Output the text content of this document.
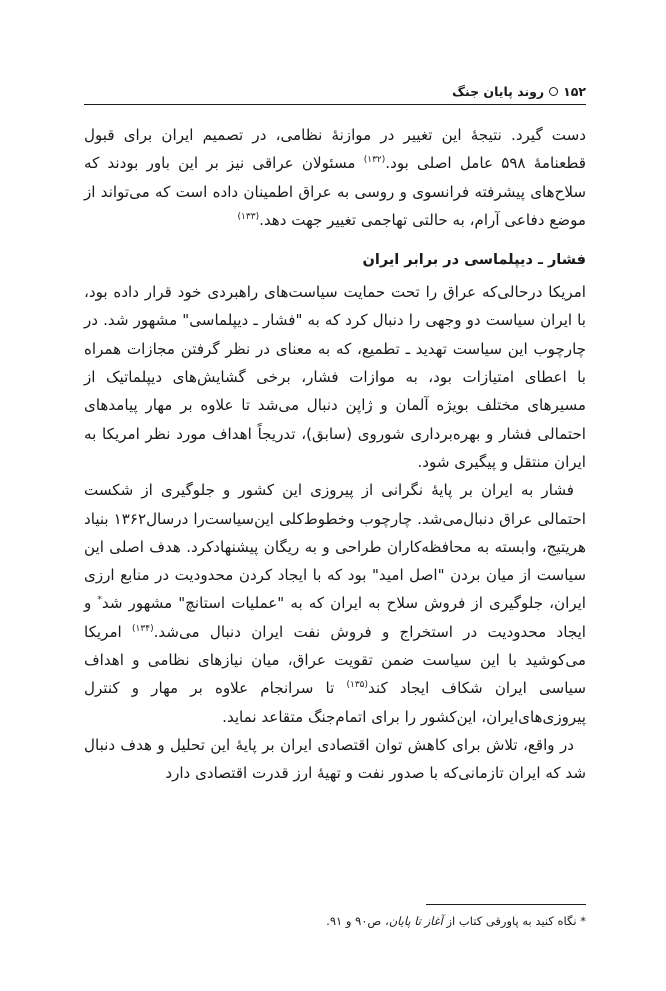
۱۵۲
روند پایان جنگ

دست گیرد. نتیجهٔ این تغییر در موازنهٔ نظامی، در تصمیم ایران برای قبول قطعنامهٔ ۵۹۸ عامل اصلی بود.$^{(۱۳۲)}$ مسئولان عراقی نیز بر این باور بودند که سلاح‌های پیشرفته فرانسوی و روسی به عراق اطمینان داده است که می‌تواند از موضع دفاعی آرام، به حالتی تهاجمی تغییر جهت دهد.$^{(۱۳۳)}$

فشار ـ دیپلماسی در برابر ایران

امریکا درحالی‌که عراق را تحت حمایت سیاست‌های راهبردی خود قرار داده بود، با ایران سیاست دو وجهی را دنبال کرد که به "فشار ـ دیپلماسی" مشهور شد. در چارچوب این سیاست تهدید ـ تطمیع، که به معنای در نظر گرفتن مجازات همراه با اعطای امتیازات بود، به موازات فشار، برخی گشایش‌های دیپلماتیک از مسیرهای مختلف بویژه آلمان و ژاپن دنبال می‌شد تا علاوه بر مهار پیامدهای احتمالی فشار و بهره‌برداری شوروی (سابق)، تدریجاً اهداف مورد نظر امریکا به ایران منتقل و پیگیری شود.

فشار به ایران بر پایهٔ نگرانی از پیروزی این کشور و جلوگیری از شکست احتمالی عراق دنبال‌می‌شد. چارچوب وخطوط‌کلی این‌سیاست‌را درسال۱۳۶۲ بنیاد هریتیج، وابسته به محافظه‌کاران طراحی و به ریگان پیشنهادکرد. هدف اصلی این سیاست از میان بردن "اصل امید" بود که با ایجاد کردن محدودیت در منابع ارزی ایران، جلوگیری از فروش سلاح به ایران که به "عملیات استانچ" مشهور شد* و ایجاد محدودیت در استخراج و فروش نفت ایران دنبال می‌شد.$^{(۱۳۴)}$ امریکا می‌کوشید با این سیاست ضمن تقویت عراق، میان نیازهای نظامی و اهداف سیاسی ایران شکاف ایجاد کند$^{(۱۳۵)}$ تا سرانجام علاوه بر مهار و کنترل پیروزی‌های‌ایران، این‌کشور را برای اتمام‌جنگ متقاعد نماید.

در واقع، تلاش برای کاهش توان اقتصادی ایران بر پایهٔ این تحلیل و هدف دنبال شد که ایران تازمانی‌که با صدور نفت و تهیهٔ ارز قدرت اقتصادی دارد

* نگاه کنید به پاورقی کتاب از آغاز تا پایان، ص۹۰ و ۹۱.
